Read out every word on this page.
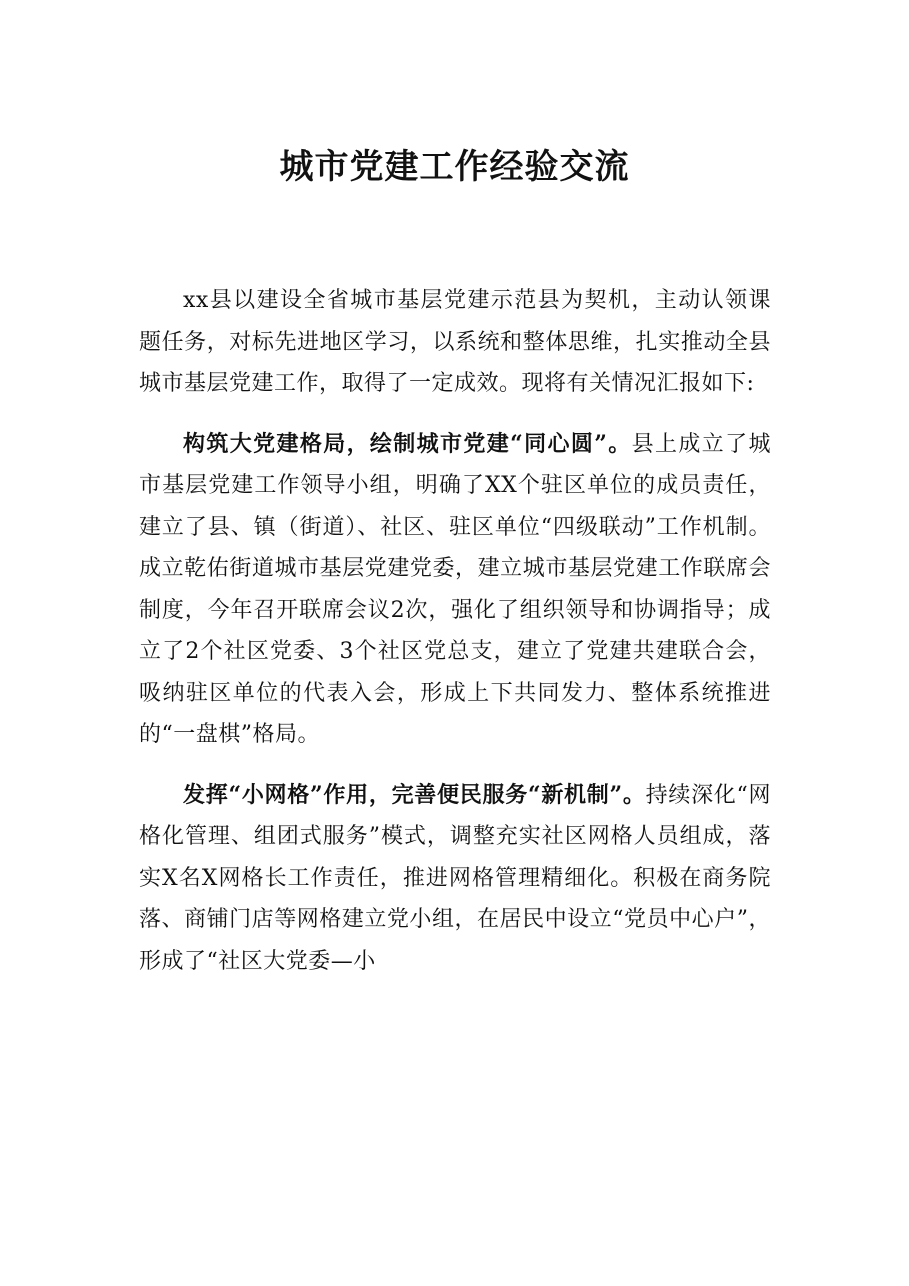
城市党建工作经验交流

xx县以建设全省城市基层党建示范县为契机，主动认领课题任务，对标先进地区学习，以系统和整体思维，扎实推动全县城市基层党建工作，取得了一定成效。现将有关情况汇报如下:

构筑大党建格局，绘制城市党建“同心圆”。县上成立了城市基层党建工作领导小组，明确了XX个驻区单位的成员责任，建立了县、镇（街道）、社区、驻区单位“四级联动”工作机制。成立乾佑街道城市基层党建党委，建立城市基层党建工作联席会制度，今年召开联席会议2次，强化了组织领导和协调指导；成立了2个社区党委、3个社区党总支，建立了党建共建联合会，吸纳驻区单位的代表入会，形成上下共同发力、整体系统推进的“一盘棋”格局。

发挥“小网格”作用，完善便民服务“新机制”。持续深化“网格化管理、组团式服务”模式，调整充实社区网格人员组成，落实X名X网格长工作责任，推进网格管理精细化。积极在商务院落、商铺门店等网格建立党小组，在居民中设立“党员中心户”，形成了“社区大党委—小
